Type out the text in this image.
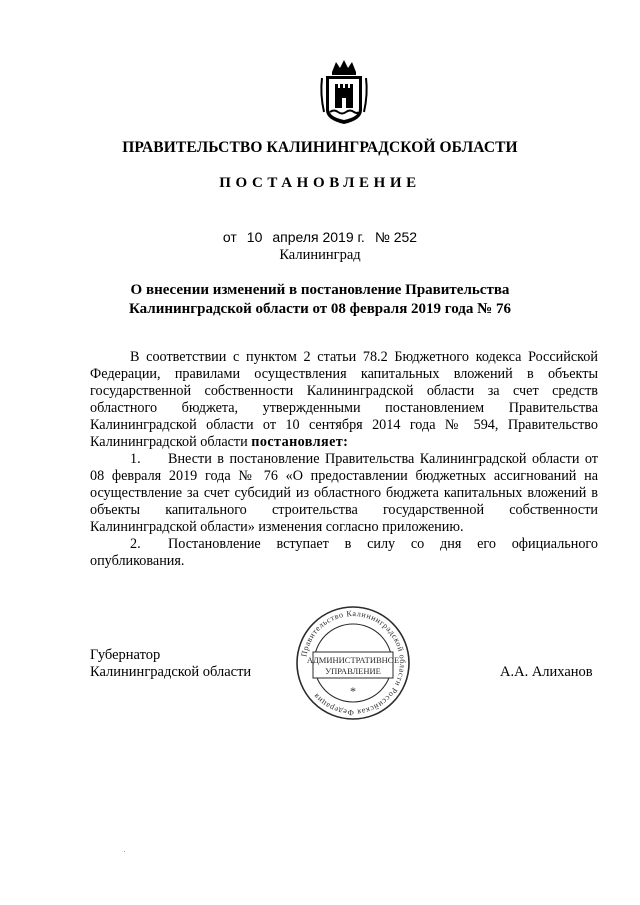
ПРАВИТЕЛЬСТВО КАЛИНИНГРАДСКОЙ ОБЛАСТИ
ПОСТАНОВЛЕНИЕ
от 10 апреля 2019 г. № 252
Калининград
О внесении изменений в постановление Правительства
Калининградской области от 08 февраля 2019 года № 76

В соответствии с пунктом 2 статьи 78.2 Бюджетного кодекса Российской Федерации, правилами осуществления капитальных вложений в объекты государственной собственности Калининградской области за счет средств областного бюджета, утвержденными постановлением Правительства Калининградской области от 10 сентября 2014 года № 594, Правительство Калининградской области постановляет:

1. Внести в постановление Правительства Калининградской области от 08 февраля 2019 года № 76 «О предоставлении бюджетных ассигнований на осуществление за счет субсидий из областного бюджета капитальных вложений в объекты капитального строительства государственной собственности Калининградской области» изменения согласно приложению.

2. Постановление вступает в силу со дня его официального опубликования.

Губернатор
Калининградской области	А.А. Алиханов
Правительство Калининградской области Российская Федерация
АДМИНИСТРАТИВНОЕ
УПРАВЛЕНИЕ
*
